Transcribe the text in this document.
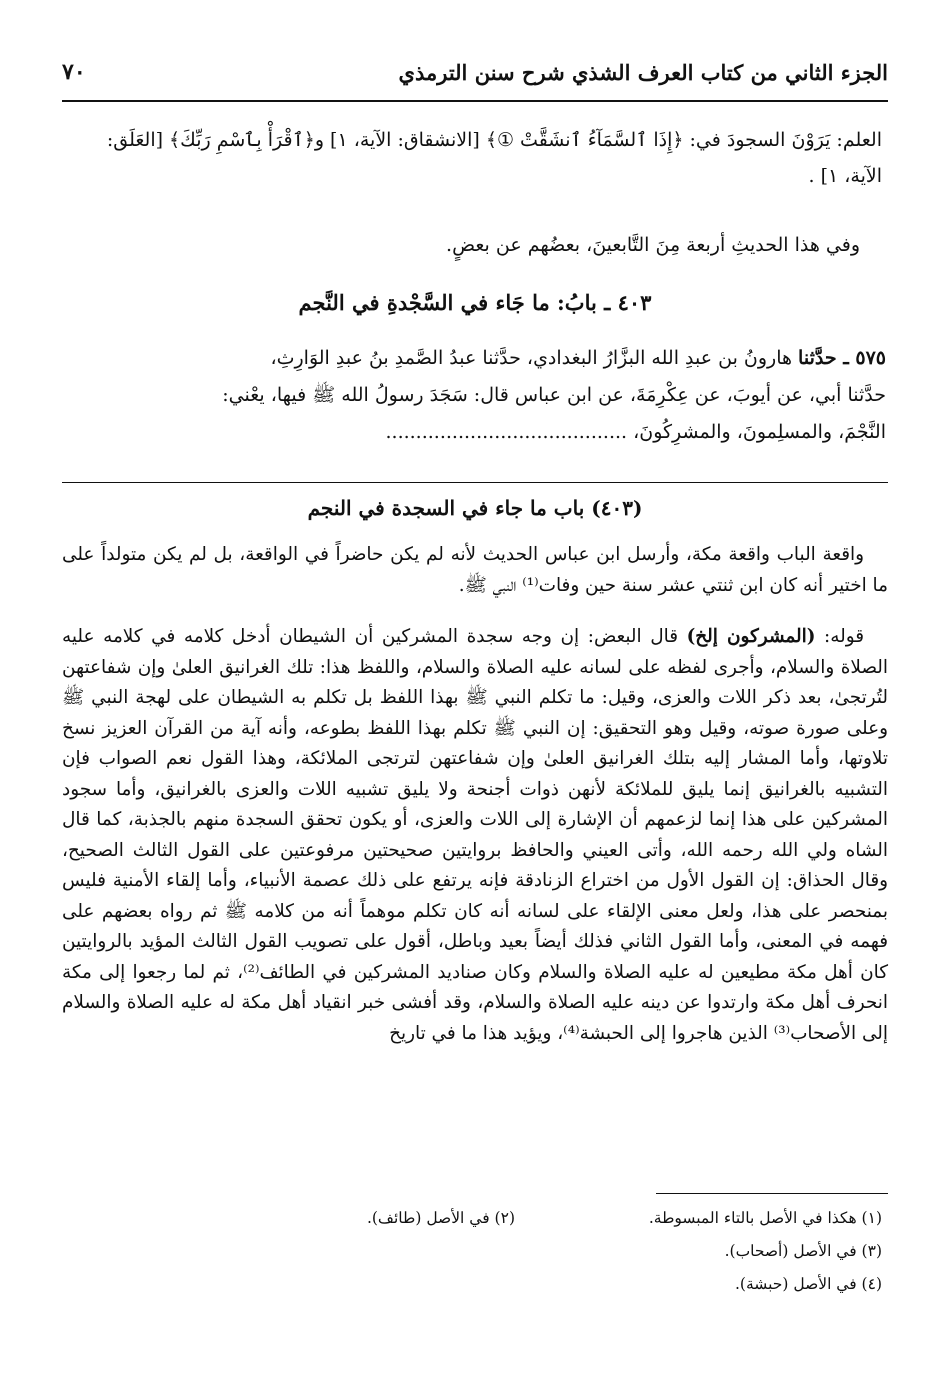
الجزء الثاني من كتاب العرف الشذي شرح سنن الترمذي
٧٠
العلم: يَرَوْنَ السجودَ في: ﴿إِذَا ٱلسَّمَآءُ ٱنشَقَّتْ ①﴾ [الانشقاق: الآية، ١] و﴿ٱقْرَأْ بِٱسْمِ رَبِّكَ﴾ [العَلَق:
الآية، ١] .
وفي هذا الحديثِ أربعة مِنَ التَّابعينَ، بعضُهم عن بعضٍ.
٤٠٣ ـ بابُ: ما جَاء في السَّجْدةِ في النَّجم
٥٧٥ ـ حدَّثنا هارونُ بن عبدِ الله البزَّارُ البغدادي، حدَّثنا عبدُ الصَّمدِ بنُ عبدِ الوَارِثِ،
حدَّثنا أبي، عن أيوبَ، عن عِكْرِمَةَ، عن ابن عباس قال: سَجَدَ رسولُ الله ﷺ فيها، يعْني:
النَّجْمَ، والمسلِمونَ، والمشرِكُونَ، ........................................
(٤٠٣) باب ما جاء في السجدة في النجم

واقعة الباب واقعة مكة، وأرسل ابن عباس الحديث لأنه لم يكن حاضراً في الواقعة، بل لم يكن متولداً على ما اختير أنه كان ابن ثنتي عشر سنة حين وفات⁽¹⁾ النبي ﷺ.

قوله: (المشركون إلخ) قال البعض: إن وجه سجدة المشركين أن الشيطان أدخل كلامه في كلامه عليه الصلاة والسلام، وأجرى لفظه على لسانه عليه الصلاة والسلام، واللفظ هذا: تلك الغرانيق العلىٰ وإن شفاعتهن لتُرتجىٰ، بعد ذكر اللات والعزى، وقيل: ما تكلم النبي ﷺ بهذا اللفظ بل تكلم به الشيطان على لهجة النبي ﷺ وعلى صورة صوته، وقيل وهو التحقيق: إن النبي ﷺ تكلم بهذا اللفظ بطوعه، وأنه آية من القرآن العزيز نسخ تلاوتها، وأما المشار إليه بتلك الغرانيق العلىٰ وإن شفاعتهن لترتجى الملائكة، وهذا القول نعم الصواب فإن التشبيه بالغرانيق إنما يليق للملائكة لأنهن ذوات أجنحة ولا يليق تشبيه اللات والعزى بالغرانيق، وأما سجود المشركين على هذا إنما لزعمهم أن الإشارة إلى اللات والعزى، أو يكون تحقق السجدة منهم بالجذبة، كما قال الشاه ولي الله رحمه الله، وأتى العيني والحافظ بروايتين صحيحتين مرفوعتين على القول الثالث الصحيح، وقال الحذاق: إن القول الأول من اختراع الزنادقة فإنه يرتفع على ذلك عصمة الأنبياء، وأما إلقاء الأمنية فليس بمنحصر على هذا، ولعل معنى الإلقاء على لسانه أنه كان تكلم موهماً أنه من كلامه ﷺ ثم رواه بعضهم على فهمه في المعنى، وأما القول الثاني فذلك أيضاً بعيد وباطل، أقول على تصويب القول الثالث المؤيد بالروايتين كان أهل مكة مطيعين له عليه الصلاة والسلام وكان صناديد المشركين في الطائف⁽²⁾، ثم لما رجعوا إلى مكة انحرف أهل مكة وارتدوا عن دينه عليه الصلاة والسلام، وقد أفشى خبر انقياد أهل مكة له عليه الصلاة والسلام إلى الأصحاب⁽³⁾ الذين هاجروا إلى الحبشة⁽⁴⁾، ويؤيد هذا ما في تاريخ

(١) هكذا في الأصل بالتاء المبسوطة.
(٢) في الأصل (طائف).
(٣) في الأصل (أصحاب).
(٤) في الأصل (حبشة).
